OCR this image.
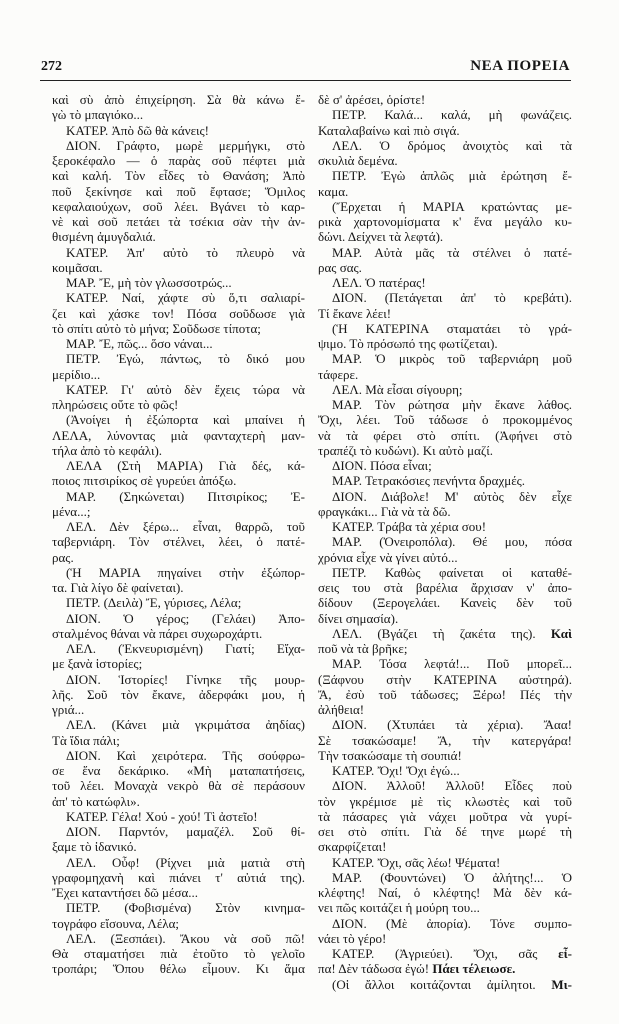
272	ΝΕΑ ΠΟΡΕΙΑ
καὶ σὺ ἀπὸ ἐπιχείρηση. Σὰ θὰ κάνω ἔ-
γὼ τὸ μπαγιόκο...
ΚΑΤΕΡ. Ἀπὸ δῶ θὰ κάνεις!
ΔΙΟΝ. Γράφτο, μωρὲ μερμήγκι, στὸ
ξεροκέφαλο — ὁ παρὰς σοῦ πέφτει μιὰ
καὶ καλή. Τὸν εἶδες τὸ Θανάση; Ἀπὸ
ποῦ ξεκίνησε καὶ ποῦ ἔφτασε; Ὅμιλος
κεφαλαιούχων, σοῦ λέει. Βγάνει τὸ καρ-
νὲ καὶ σοῦ πετάει τὰ τσέκια σὰν τὴν ἀν-
θισμένη ἀμυγδαλιά.
ΚΑΤΕΡ. Ἀπ' αὐτὸ τὸ πλευρὸ νὰ
κοιμᾶσαι.
ΜΑΡ. Ἔ, μὴ τὸν γλωσσοτρώς...
ΚΑΤΕΡ. Ναί, χάφτε σὺ ὅ,τι σαλιαρί-
ζει καὶ χάσκε τον! Πόσα σοῦδωσε γιὰ
τὸ σπίτι αὐτὸ τὸ μήνα; Σοῦδωσε τίποτα;
ΜΑΡ. Ἔ, πῶς... ὅσο νάναι...
ΠΕΤΡ. Ἐγώ, πάντως, τὸ δικό μου
μερίδιο...
ΚΑΤΕΡ. Γι' αὐτὸ δὲν ἔχεις τώρα νὰ
πληρώσεις οὔτε τὸ φῶς!
(Ἀνοίγει ἡ ἐξώπορτα καὶ μπαίνει ἡ
ΛΕΛΑ, λύνοντας μιὰ φανταχτερὴ μαν-
τήλα ἀπὸ τὸ κεφάλι).
ΛΕΛΑ (Στὴ ΜΑΡΙΑ) Γιὰ δές, κά-
ποιος πιτσιρίκος σὲ γυρεύει ἀπόξω.
ΜΑΡ. (Σηκώνεται) Πιτσιρίκος; Ἐ-
μένα...;
ΛΕΛ. Δὲν ξέρω... εἶναι, θαρρῶ, τοῦ
ταβερνιάρη. Τὸν στέλνει, λέει, ὁ πατέ-
ρας.
(Ἡ ΜΑΡΙΑ πηγαίνει στὴν ἐξώπορ-
τα. Γιὰ λίγο δὲ φαίνεται).
ΠΕΤΡ. (Δειλὰ) Ἔ, γύρισες, Λέλα;
ΔΙΟΝ. Ὁ γέρος; (Γελάει) Ἀπο-
σταλμένος θάναι νὰ πάρει συχωροχάρτι.
ΛΕΛ. (Ἐκνευρισμένη) Γιατί; Εἴχα-
με ξανὰ ἱστορίες;
ΔΙΟΝ. Ἱστορίες! Γίνηκε τῆς μουρ-
λῆς. Σοῦ τὸν ἔκανε, ἀδερφάκι μου, ἡ
γριά...
ΛΕΛ. (Κάνει μιὰ γκριμάτσα ἀηδίας)
Τὰ ἴδια πάλι;
ΔΙΟΝ. Καὶ χειρότερα. Τῆς σούφρω-
σε ἕνα δεκάρικο. «Μὴ ματαπατήσεις,
τοῦ λέει. Μοναχὰ νεκρὸ θὰ σὲ περάσουν
ἀπ' τὸ κατώφλι».
ΚΑΤΕΡ. Γέλα! Χού - χού! Τὶ ἀστεῖο!
ΔΙΟΝ. Παρντόν, μαμαζέλ. Σοῦ θί-
ξαμε τὸ ἰδανικό.
ΛΕΛ. Οὖφ! (Ρίχνει μιὰ ματιὰ στὴ
γραφομηχανὴ καὶ πιάνει τ' αὐτιά της).
Ἔχει καταντήσει δῶ μέσα...
ΠΕΤΡ. (Φοβισμένα) Στὸν κινημα-
τογράφο εἴσουνα, Λέλα;
ΛΕΛ. (Ξεσπάει). Ἄκου νὰ σοῦ πῶ!
Θὰ σταματήσει πιὰ ἐτοῦτο τὸ γελοῖο
τροπάρι; Ὅπου θέλω εἶμουν. Κι ἅμα
δὲ σ' ἀρέσει, ὁρίστε!
ΠΕΤΡ. Καλά... καλά, μὴ φωνάζεις.
Καταλαβαίνω καὶ πιὸ σιγά.
ΛΕΛ. Ὁ δρόμος ἀνοιχτὸς καὶ τὰ
σκυλιὰ δεμένα.
ΠΕΤΡ. Ἐγὼ ἁπλῶς μιὰ ἐρώτηση ἔ-
καμα.
(Ἔρχεται ἡ ΜΑΡΙΑ κρατώντας με-
ρικὰ χαρτονομίσματα κ' ἕνα μεγάλο κυ-
δώνι. Δείχνει τὰ λεφτά).
ΜΑΡ. Αὐτὰ μᾶς τὰ στέλνει ὁ πατέ-
ρας σας.
ΛΕΛ. Ὁ πατέρας!
ΔΙΟΝ. (Πετάγεται ἀπ' τὸ κρεβάτι).
Τί ἔκανε λέει!
(Ἡ ΚΑΤΕΡΙΝΑ σταματάει τὸ γρά-
ψιμο. Τὸ πρόσωπό της φωτίζεται).
ΜΑΡ. Ὁ μικρὸς τοῦ ταβερνιάρη μοῦ
τάφερε.
ΛΕΛ. Μὰ εἶσαι σίγουρη;
ΜΑΡ. Τὸν ρώτησα μὴν ἔκανε λάθος.
Ὄχι, λέει. Τοῦ τάδωσε ὁ προκομμένος
νὰ τὰ φέρει στὸ σπίτι. (Ἀφήνει στὸ
τραπέζι τὸ κυδώνι). Κι αὐτὸ μαζί.
ΔΙΟΝ. Πόσα εἶναι;
ΜΑΡ. Τετρακόσιες πενήντα δραχμές.
ΔΙΟΝ. Διάβολε! Μ' αὐτὸς δὲν εἶχε
φραγκάκι... Γιὰ νὰ τὰ δῶ.
ΚΑΤΕΡ. Τράβα τὰ χέρια σου!
ΜΑΡ. (Ὀνειροπόλα). Θέ μου, πόσα
χρόνια εἶχε νὰ γίνει αὐτό...
ΠΕΤΡ. Καθὼς φαίνεται οἱ καταθέ-
σεις του στὰ βαρέλια ἄρχισαν ν' ἀπο-
δίδουν (Ξερογελάει. Κανεὶς δὲν τοῦ
δίνει σημασία).
ΛΕΛ. (Βγάζει τὴ ζακέτα της). Καὶ
ποῦ νὰ τὰ βρῆκε;
ΜΑΡ. Τόσα λεφτά!... Ποῦ μπορεῖ...
(Ξάφνου στὴν ΚΑΤΕΡΙΝΑ αὐστηρά).
Ἄ, ἐσὺ τοῦ τάδωσες; Ξέρω! Πές τὴν
ἀλήθεια!
ΔΙΟΝ. (Χτυπάει τὰ χέρια). Ἄαα!
Σὲ τσακώσαμε! Ἄ, τὴν κατεργάρα!
Τὴν τσακώσαμε τὴ σουπιά!
ΚΑΤΕΡ. Ὄχι! Ὄχι ἐγώ...
ΔΙΟΝ. Ἀλλοῦ! Ἀλλοῦ! Εἶδες ποὺ
τὸν γκρέμισε μὲ τὶς κλωστὲς καὶ τοῦ
τὰ πάσαρες γιὰ νάχει μοῦτρα νὰ γυρί-
σει στὸ σπίτι. Γιὰ δέ τηνε μωρέ τὴ
σκαρφίζεται!
ΚΑΤΕΡ. Ὄχι, σᾶς λέω! Ψέματα!
ΜΑΡ. (Φουντώνει) Ὁ ἀλήτης!... Ὁ
κλέφτης! Ναί, ὁ κλέφτης! Μὰ δὲν κά-
νει πῶς κοιτάζει ἡ μούρη του...
ΔΙΟΝ. (Μὲ ἀπορία). Τόνε συμπο-
νάει τὸ γέρο!
ΚΑΤΕΡ. (Ἀγριεύει). Ὄχι, σᾶς εἶ-
πα! Δὲν τάδωσα ἐγώ! Πάει τέλειωσε.
(Οἱ ἄλλοι κοιτάζονται ἀμίλητοι. Μι-
